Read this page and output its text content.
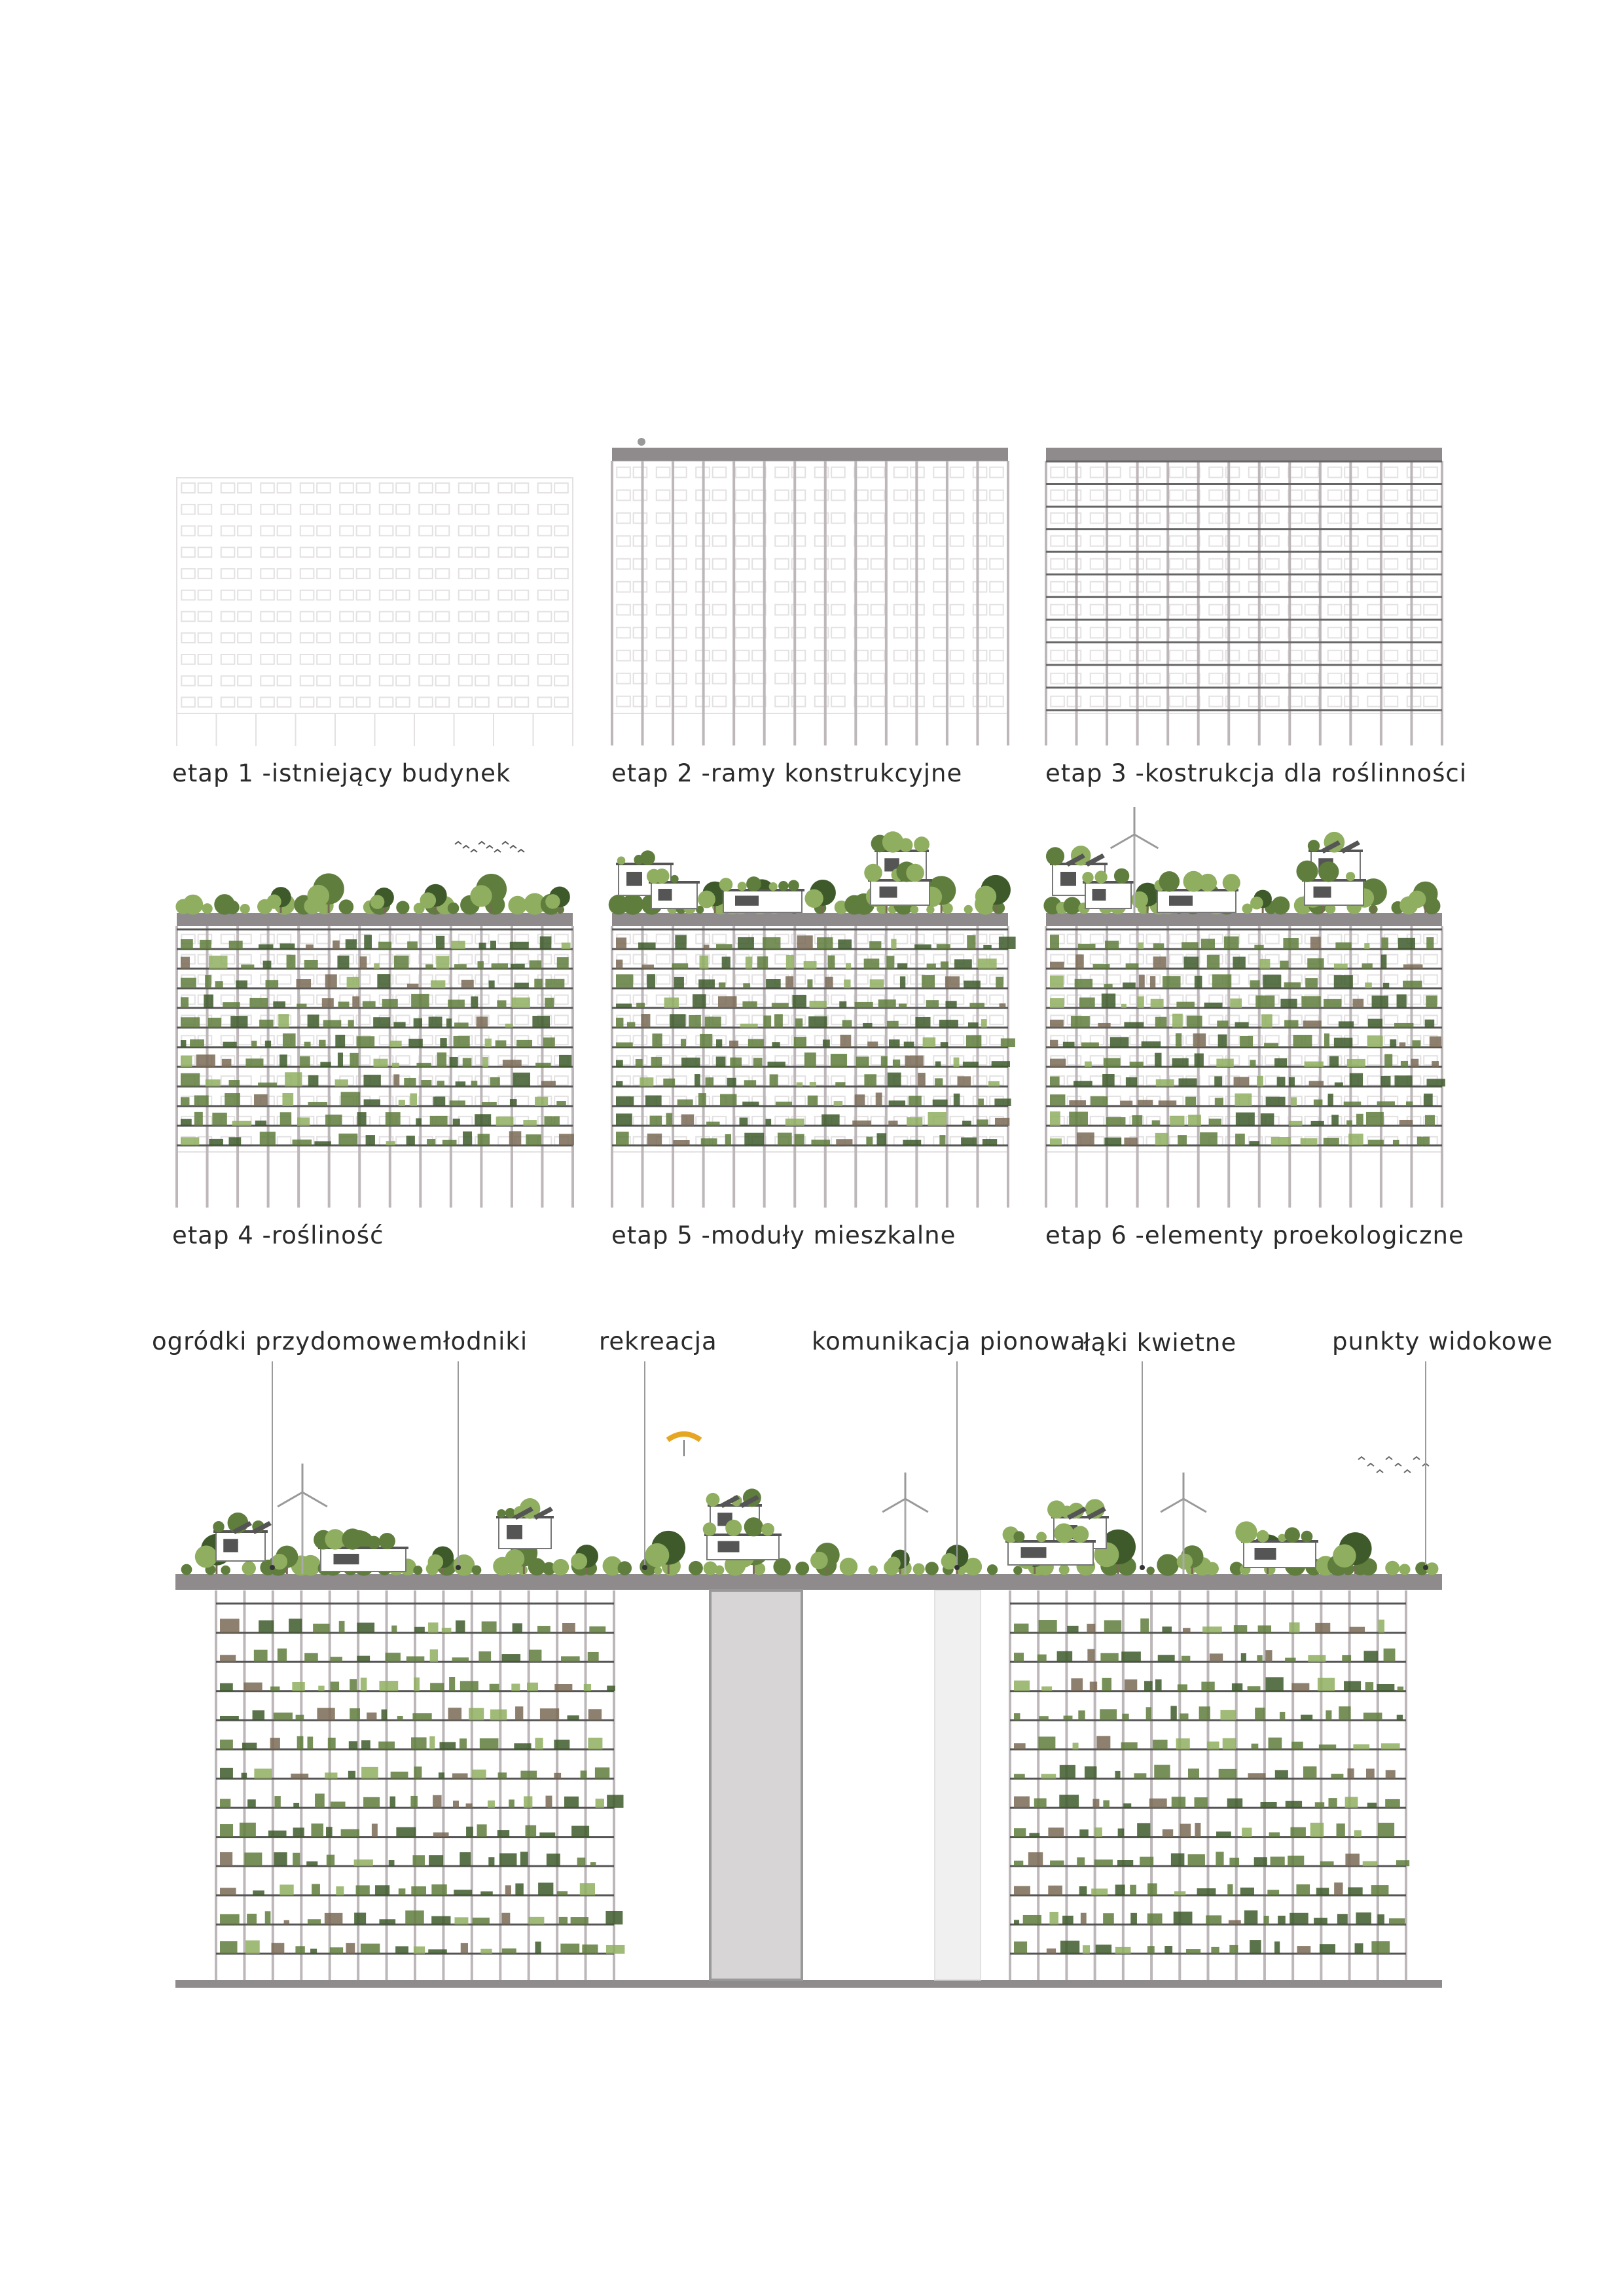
etap 1 -istniejący budynek	etap 2 -ramy konstrukcyjne	etap 3 -kostrukcja dla roślinności
etap 4 -rośliność	etap 5 -moduły mieszkalne	etap 6 -elementy proekologiczne
ogródki przydomowe młodniki	rekreacja	komunikacja pionowa
łąki kwietne	punkty widokowe
